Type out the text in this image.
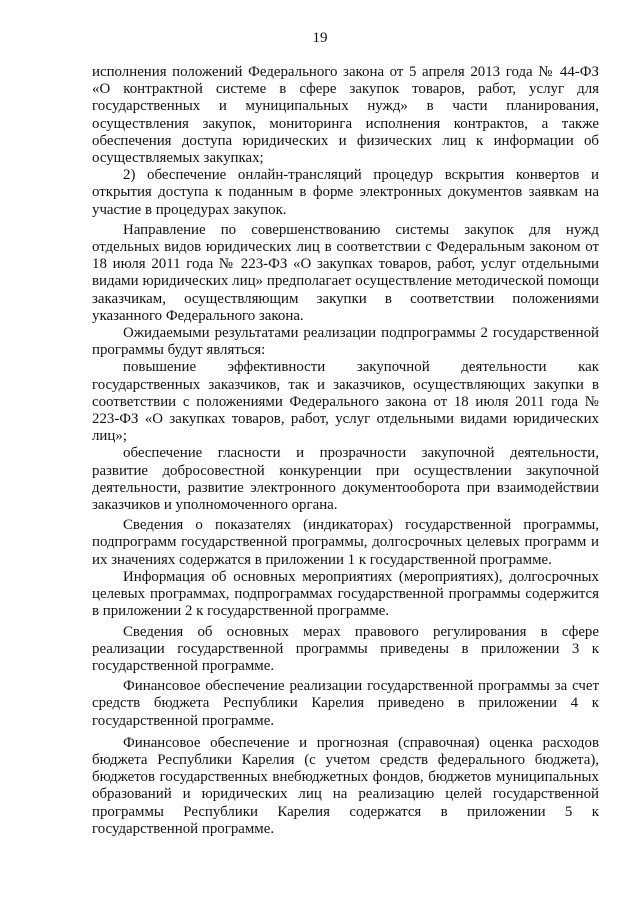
19

исполнения положений Федерального закона от 5 апреля 2013 года № 44-ФЗ «О контрактной системе в сфере закупок товаров, работ, услуг для государственных и муниципальных нужд» в части планирования, осуществления закупок, мониторинга исполнения контрактов, а также обеспечения доступа юридических и физических лиц к информации об осуществляемых закупках;

2) обеспечение онлайн-трансляций процедур вскрытия конвертов и открытия доступа к поданным в форме электронных документов заявкам на участие в процедурах закупок.

Направление по совершенствованию системы закупок для нужд отдельных видов юридических лиц в соответствии с Федеральным законом от 18 июля 2011 года № 223-ФЗ «О закупках товаров, работ, услуг отдельными видами юридических лиц» предполагает осуществление методической помощи заказчикам, осуществляющим закупки в соответствии положениями указанного Федерального закона.

Ожидаемыми результатами реализации подпрограммы 2 государственной программы будут являться:

повышение эффективности закупочной деятельности как государственных заказчиков, так и заказчиков, осуществляющих закупки в соответствии с положениями Федерального закона от 18 июля 2011 года № 223-ФЗ «О закупках товаров, работ, услуг отдельными видами юридических лиц»;

обеспечение гласности и прозрачности закупочной деятельности, развитие добросовестной конкуренции при осуществлении закупочной деятельности, развитие электронного документооборота при взаимодействии заказчиков и уполномоченного органа.

Сведения о показателях (индикаторах) государственной программы, подпрограмм государственной программы, долгосрочных целевых программ и их значениях содержатся в приложении 1 к государственной программе.

Информация об основных мероприятиях (мероприятиях), долгосрочных целевых программах, подпрограммах государственной программы содержится в приложении 2 к государственной программе.

Сведения об основных мерах правового регулирования в сфере реализации государственной программы приведены в приложении 3 к государственной программе.

Финансовое обеспечение реализации государственной программы за счет средств бюджета Республики Карелия приведено в приложении 4 к государственной программе.

Финансовое обеспечение и прогнозная (справочная) оценка расходов бюджета Республики Карелия (с учетом средств федерального бюджета), бюджетов государственных внебюджетных фондов, бюджетов муниципальных образований и юридических лиц на реализацию целей государственной программы Республики Карелия содержатся в приложении 5 к государственной программе.
